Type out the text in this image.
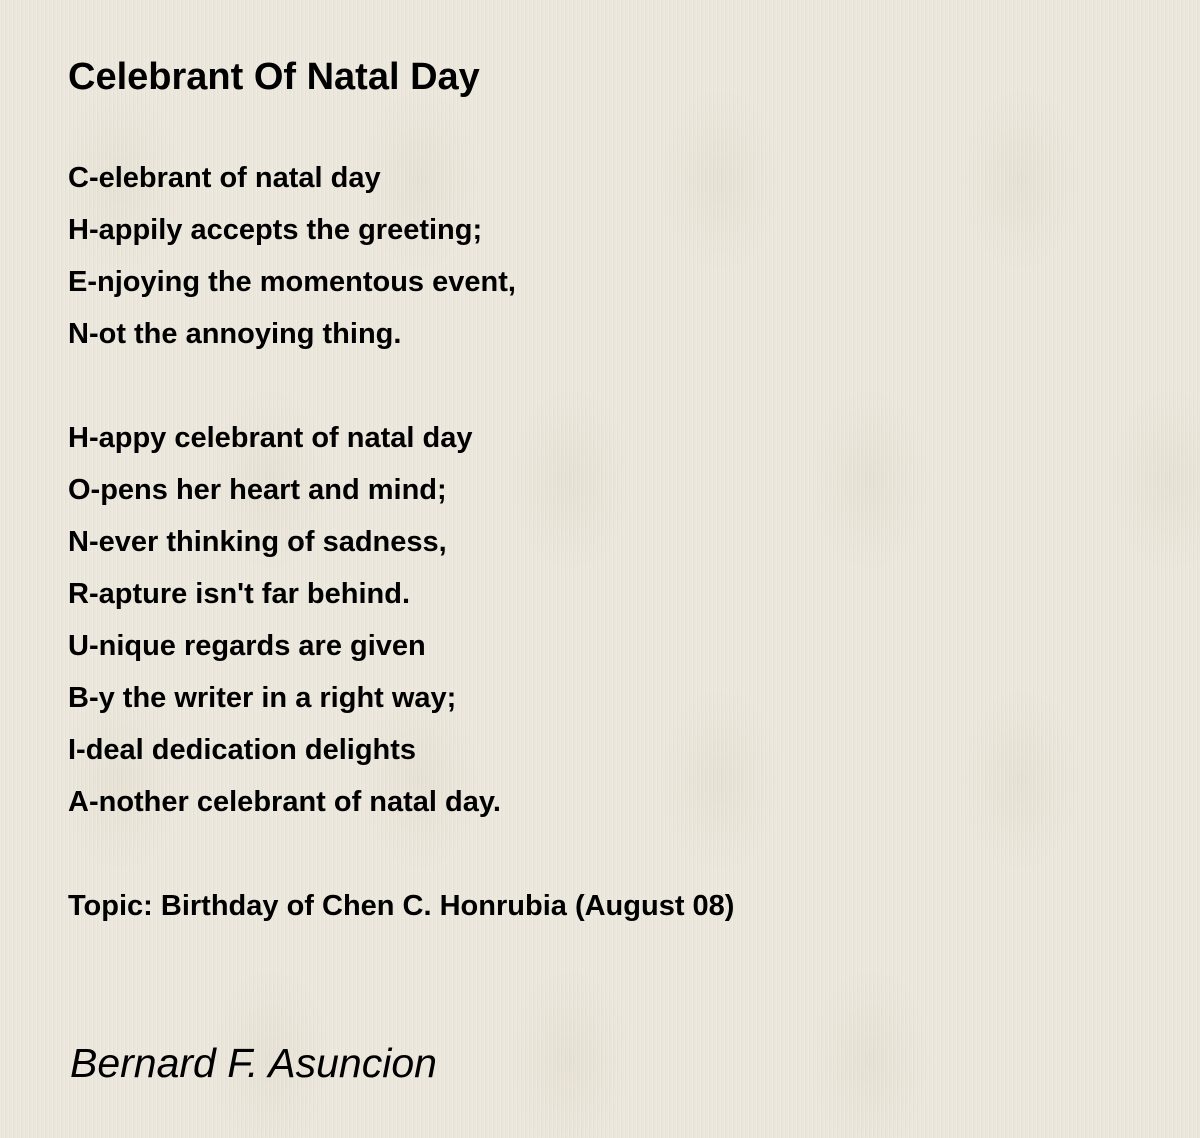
Celebrant Of Natal Day
C-elebrant of natal day
H-appily accepts the greeting;
E-njoying the momentous event,
N-ot the annoying thing.
H-appy celebrant of natal day
O-pens her heart and mind;
N-ever thinking of sadness,
R-apture isn't far behind.
U-nique regards are given
B-y the writer in a right way;
I-deal dedication delights
A-nother celebrant of natal day.
Topic: Birthday of Chen C. Honrubia (August 08)
Bernard F. Asuncion
